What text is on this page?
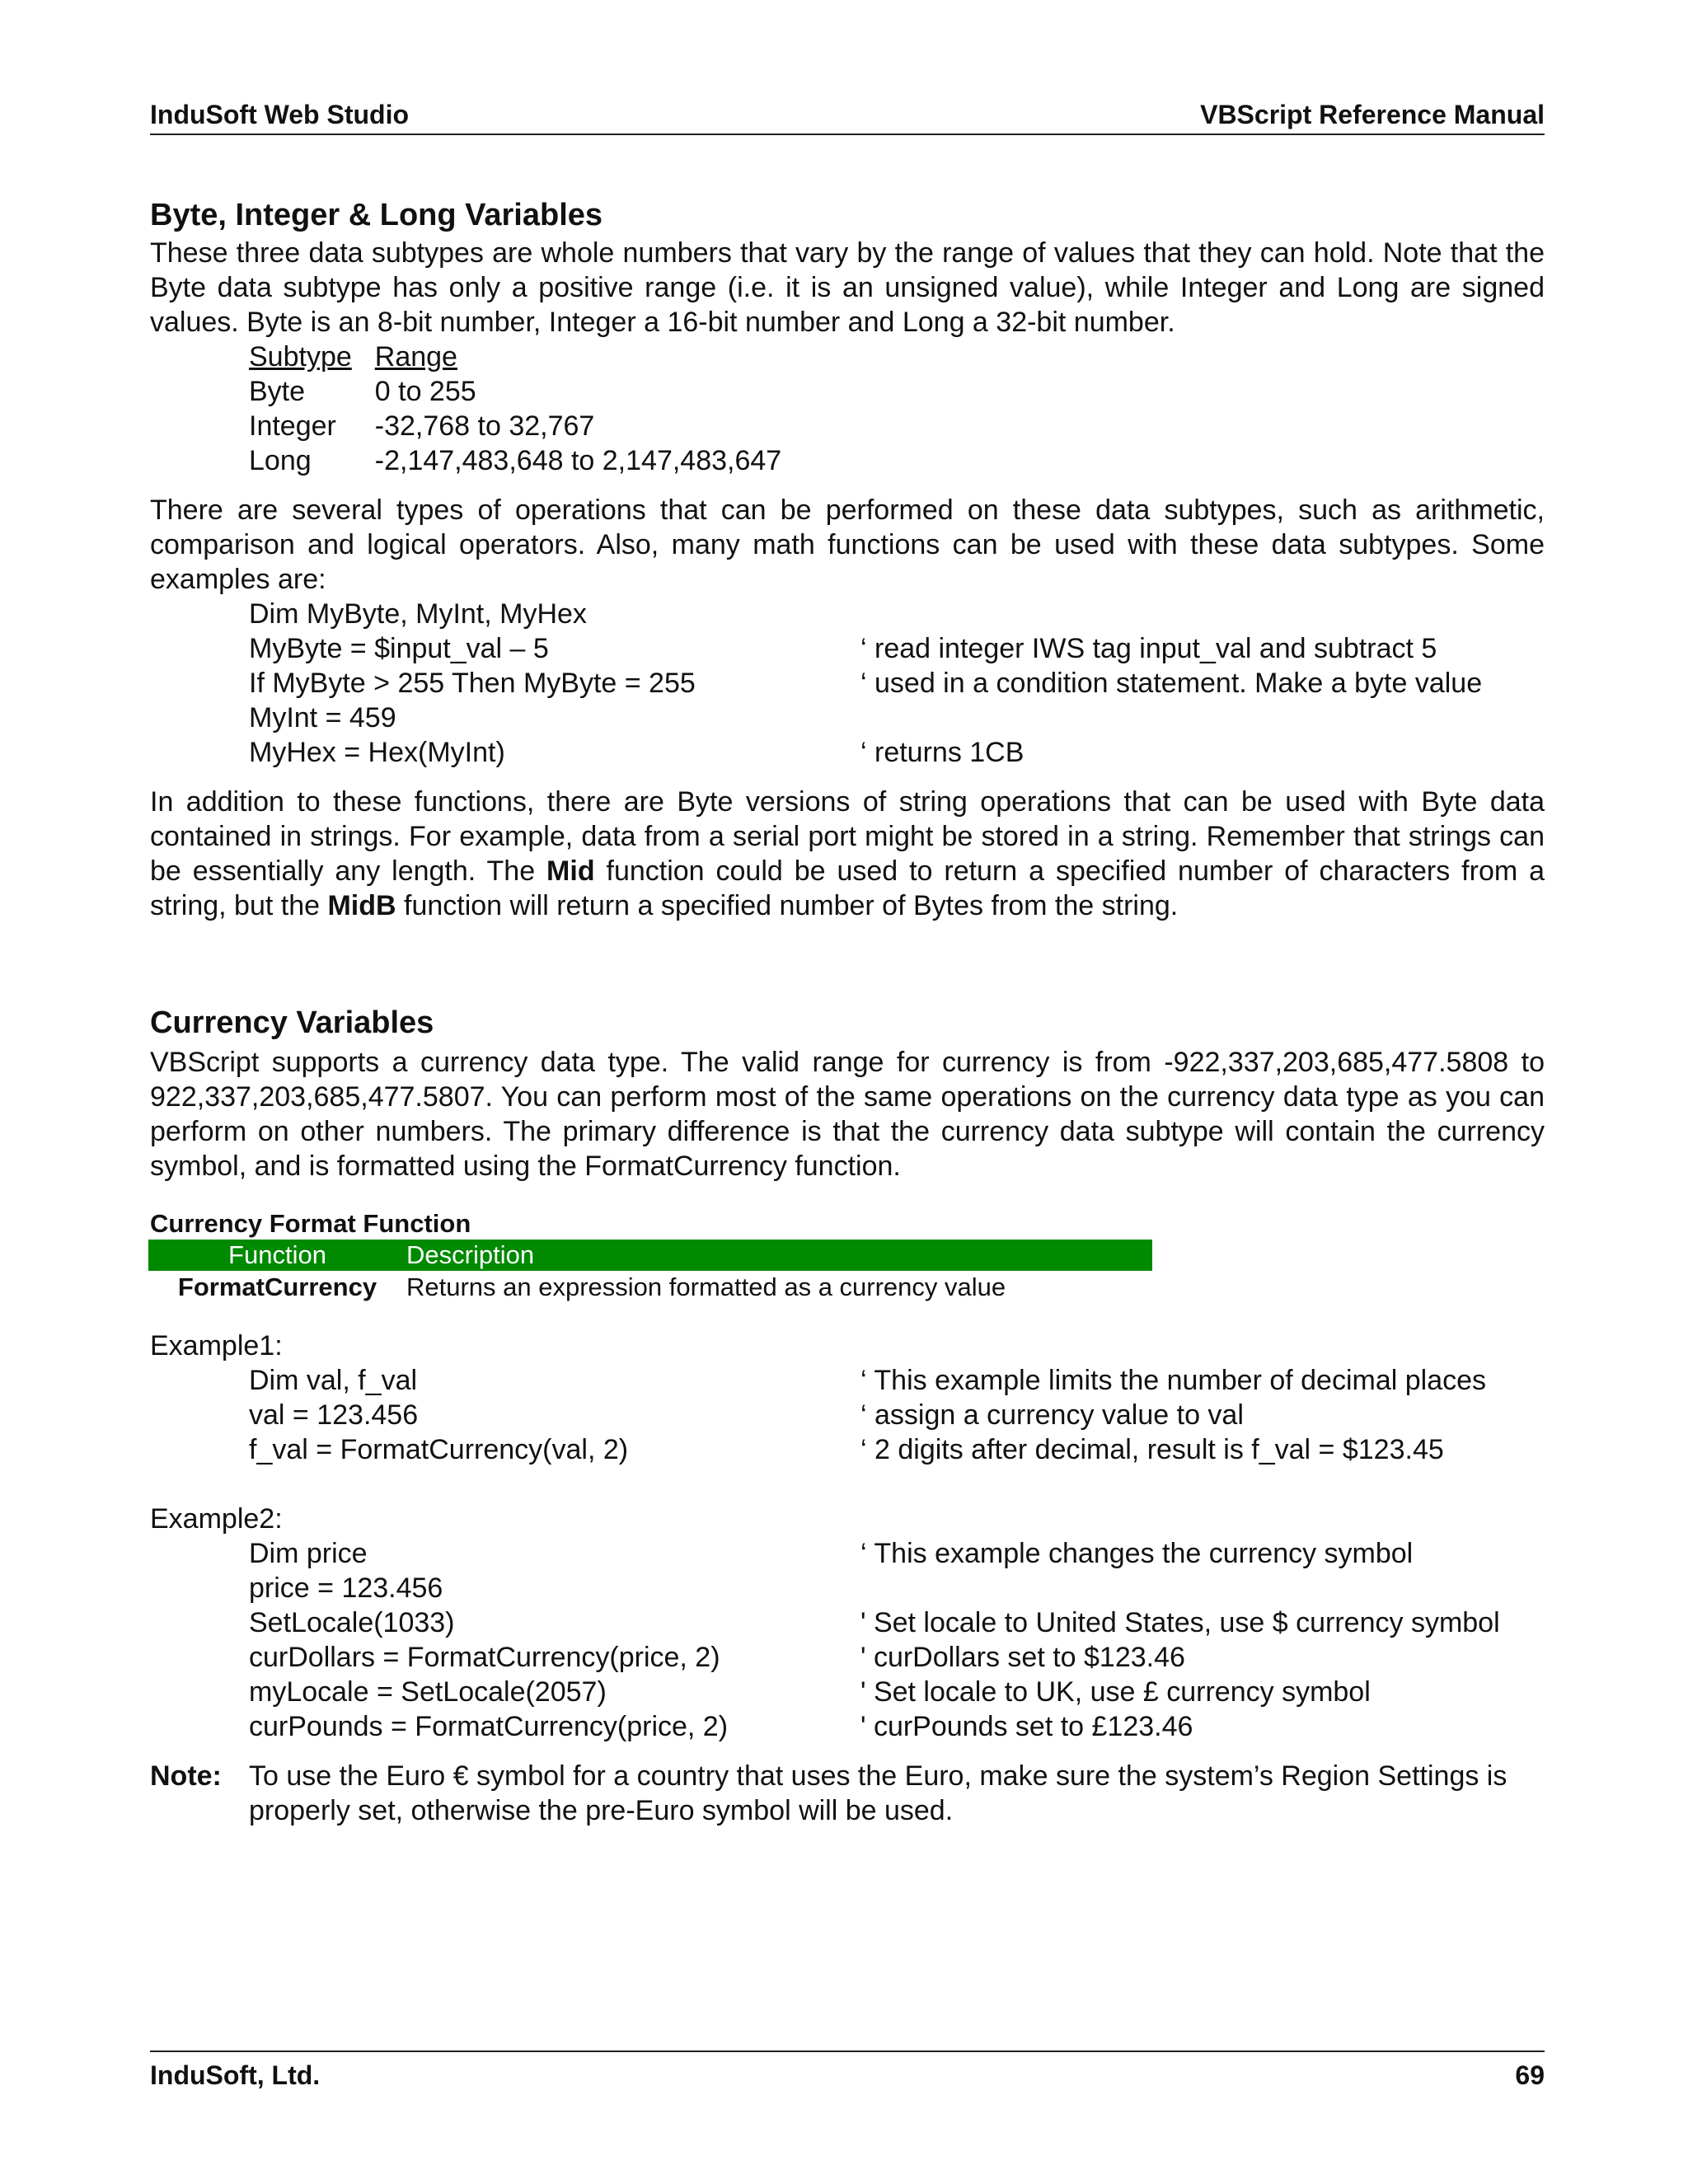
InduSoft Web Studio	VBScript Reference Manual
Byte, Integer & Long Variables

These three data subtypes are whole numbers that vary by the range of values that they can hold. Note that the Byte data subtype has only a positive range (i.e. it is an unsigned value), while Integer and Long are signed values. Byte is an 8-bit number, Integer a 16-bit number and Long a 32-bit number.

Subtype	Range
Byte	0 to 255
Integer	-32,768 to 32,767
Long	-2,147,483,648 to 2,147,483,647

There are several types of operations that can be performed on these data subtypes, such as arithmetic, comparison and logical operators. Also, many math functions can be used with these data subtypes. Some examples are:

Dim MyByte, MyInt, MyHex
MyByte = $input_val – 5	‘ read integer IWS tag input_val and subtract 5
If MyByte > 255 Then MyByte = 255	‘ used in a condition statement. Make a byte value
MyInt = 459
MyHex = Hex(MyInt)	‘ returns 1CB

In addition to these functions, there are Byte versions of string operations that can be used with Byte data contained in strings. For example, data from a serial port might be stored in a string. Remember that strings can be essentially any length. The Mid function could be used to return a specified number of characters from a string, but the MidB function will return a specified number of Bytes from the string.

Currency Variables

VBScript supports a currency data type. The valid range for currency is from -922,337,203,685,477.5808 to 922,337,203,685,477.5807. You can perform most of the same operations on the currency data type as you can perform on other numbers. The primary difference is that the currency data subtype will contain the currency symbol, and is formatted using the FormatCurrency function.

Currency Format Function
Function	Description
FormatCurrency	Returns an expression formatted as a currency value
Example1:
Dim val, f_val	‘ This example limits the number of decimal places
val = 123.456	‘ assign a currency value to val
f_val = FormatCurrency(val, 2)	‘ 2 digits after decimal, result is f_val = $123.45
Example2:
Dim price	‘ This example changes the currency symbol
price = 123.456
SetLocale(1033)	' Set locale to United States, use $ currency symbol
curDollars = FormatCurrency(price, 2)	' curDollars set to $123.46
myLocale = SetLocale(2057)	' Set locale to UK, use £ currency symbol
curPounds = FormatCurrency(price, 2)	' curPounds set to £123.46
Note: To use the Euro € symbol for a country that uses the Euro, make sure the system’s Region Settings is properly set, otherwise the pre-Euro symbol will be used.
InduSoft, Ltd.	69
